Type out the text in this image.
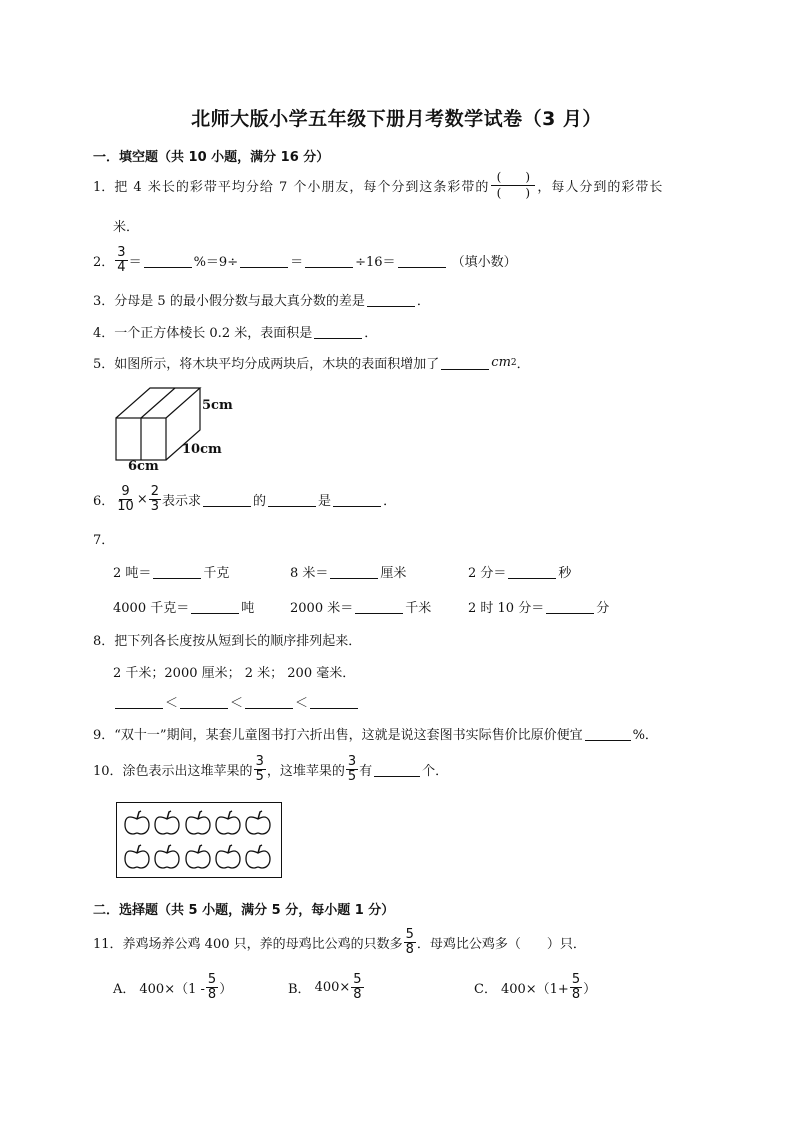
北师大版小学五年级下册月考数学试卷（3 月）
一．填空题（共 10 小题，满分 16 分）
1． 把 4 米长的彩带平均分给 7 个小朋友，每个分到这条彩带的 $\frac{( )}{( )}$ ，每人分到的彩带长
米．
2． $\frac{3}{4}$ ＝	%＝9÷	＝	÷16＝	（填小数）
3． 分母是 5 的最小假分数与最大真分数的差是	．
4． 一个正方体棱长 0.2 米，表面积是	．
5． 如图所示，将木块平均分成两块后，木块的表面积增加了	cm 2 ．
5cm
10cm
6cm
6． $\frac{9}{10} \times \frac{2}{3}$ 表示求	的	是	．
7．
2 吨＝	千克	8 米＝	厘米	2 分＝	秒
4000 千克＝	吨	2000 米＝	千米	2 时 10 分＝	分
8． 把下列各长度按从短到长的顺序排列起来．
2 千米；2000 厘米； 2 米； 200 毫米．
＜	＜	＜
9． “双十一”期间，某套儿童图书打六折出售，这就是说这套图书实际售价比原价便宜	%．
10． 涂色表示出这堆苹果的 $\frac{3}{5}$ ，这堆苹果的 $\frac{3}{5}$ 有	个．
二．选择题（共 5 小题，满分 5 分，每小题 1 分）
11． 养鸡场养公鸡 400 只，养的母鸡比公鸡的只数多 $\frac{5}{8}$ ．母鸡比公鸡多（　　）只．
A． $400\times(1 - \frac{5}{8}$ ）	B． $400\times \frac{5}{8}$	C． $400\times(1+ \frac{5}{8}$ ）
